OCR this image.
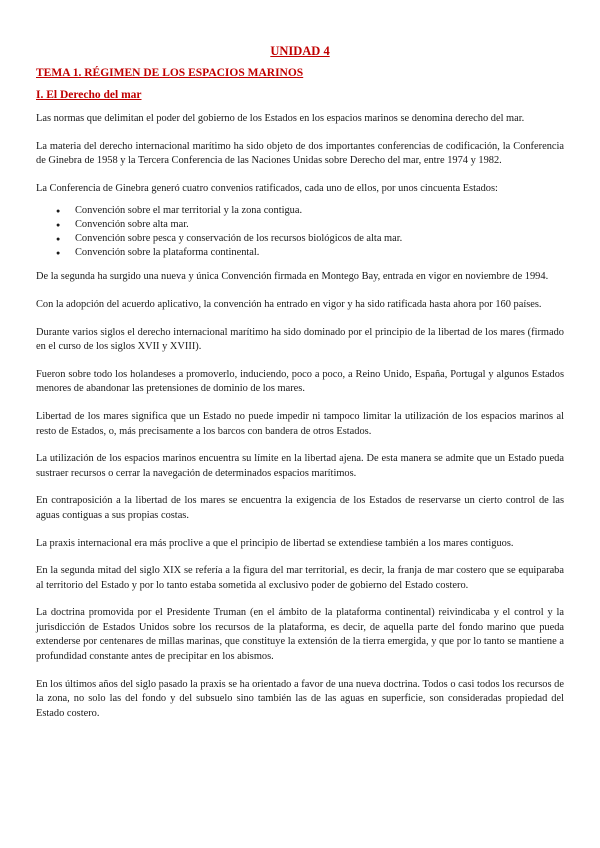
UNIDAD 4
TEMA 1. RÉGIMEN DE LOS ESPACIOS MARINOS
I. El Derecho del mar

Las normas que delimitan el poder del gobierno de los Estados en los espacios marinos se denomina derecho del mar.

La materia del derecho internacional marítimo ha sido objeto de dos importantes conferencias de codificación, la Conferencia de Ginebra de 1958 y la Tercera Conferencia de las Naciones Unidas sobre Derecho del mar, entre 1974 y 1982.

La Conferencia de Ginebra generó cuatro convenios ratificados, cada uno de ellos, por unos cincuenta Estados:

● Convención sobre el mar territorial y la zona contigua.
● Convención sobre alta mar.
● Convención sobre pesca y conservación de los recursos biológicos de alta mar.
● Convención sobre la plataforma continental.

De la segunda ha surgido una nueva y única Convención firmada en Montego Bay, entrada en vigor en noviembre de 1994.

Con la adopción del acuerdo aplicativo, la convención ha entrado en vigor y ha sido ratificada hasta ahora por 160 países.

Durante varios siglos el derecho internacional marítimo ha sido dominado por el principio de la libertad de los mares (firmado en el curso de los siglos XVII y XVIII).

Fueron sobre todo los holandeses a promoverlo, induciendo, poco a poco, a Reino Unido, España, Portugal y algunos Estados menores de abandonar las pretensiones de dominio de los mares.

Libertad de los mares significa que un Estado no puede impedir ni tampoco limitar la utilización de los espacios marinos al resto de Estados, o, más precisamente a los barcos con bandera de otros Estados.

La utilización de los espacios marinos encuentra su límite en la libertad ajena. De esta manera se admite que un Estado pueda sustraer recursos o cerrar la navegación de determinados espacios marítimos.

En contraposición a la libertad de los mares se encuentra la exigencia de los Estados de reservarse un cierto control de las aguas contiguas a sus propias costas.

La praxis internacional era más proclive a que el principio de libertad se extendiese también a los mares contiguos.

En la segunda mitad del siglo XIX se refería a la figura del mar territorial, es decir, la franja de mar costero que se equiparaba al territorio del Estado y por lo tanto estaba sometida al exclusivo poder de gobierno del Estado costero.

La doctrina promovida por el Presidente Truman (en el ámbito de la plataforma continental) reivindicaba y el control y la jurisdicción de Estados Unidos sobre los recursos de la plataforma, es decir, de aquella parte del fondo marino que pueda extenderse por centenares de millas marinas, que constituye la extensión de la tierra emergida, y que por lo tanto se mantiene a profundidad constante antes de precipitar en los abismos.

En los últimos años del siglo pasado la praxis se ha orientado a favor de una nueva doctrina. Todos o casi todos los recursos de la zona, no solo las del fondo y del subsuelo sino también las de las aguas en superficie, son consideradas propiedad del Estado costero.
